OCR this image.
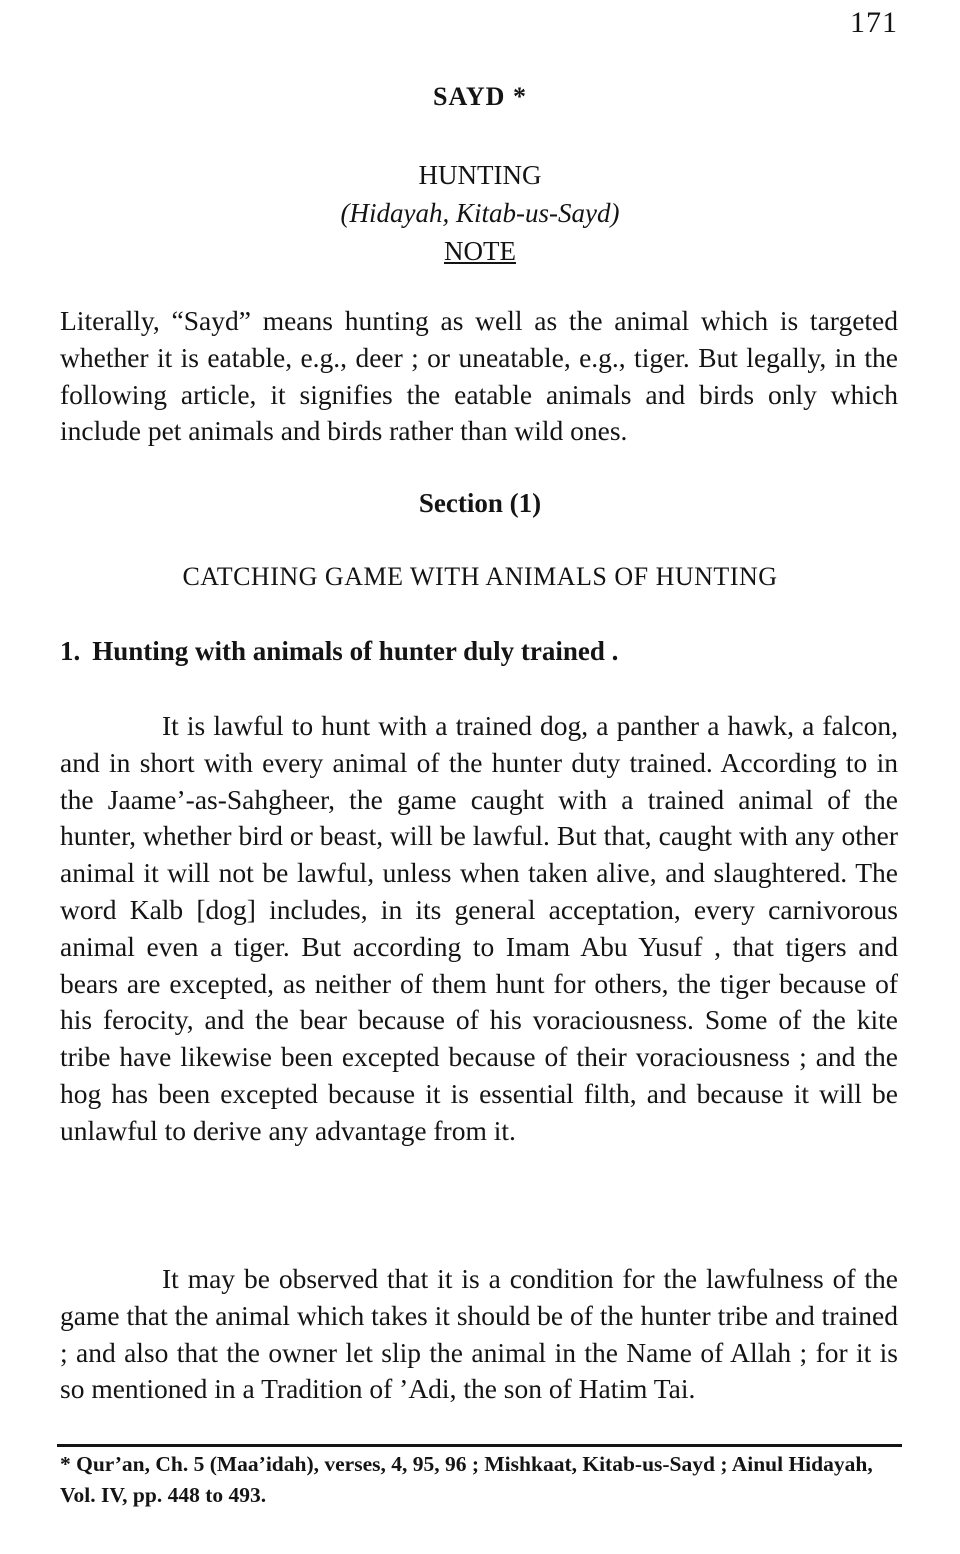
171
SAYD *
HUNTING
(Hidayah, Kitab-us-Sayd)
NOTE

Literally, “Sayd” means hunting as well as the animal which is targeted whether it is eatable, e.g., deer ; or uneatable, e.g., tiger. But legally, in the following article, it signifies the eatable animals and birds only which include pet animals and birds rather than wild ones.

Section (1)
CATCHING GAME WITH ANIMALS OF HUNTING
1. Hunting with animals of hunter duly trained .

It is lawful to hunt with a trained dog, a panther a hawk, a falcon, and in short with every animal of the hunter duty trained. According to in the Jaame’-as-Sahgheer, the game caught with a trained animal of the hunter, whether bird or beast, will be lawful. But that, caught with any other animal it will not be lawful, unless when taken alive, and slaughtered. The word Kalb [dog] includes, in its general acceptation, every carnivorous animal even a tiger. But according to Imam Abu Yusuf , that tigers and bears are excepted, as neither of them hunt for others, the tiger because of his ferocity, and the bear because of his voraciousness. Some of the kite tribe have likewise been excepted because of their voraciousness ; and the hog has been excepted because it is essential filth, and because it will be unlawful to derive any advantage from it.

It may be observed that it is a condition for the lawfulness of the game that the animal which takes it should be of the hunter tribe and trained ; and also that the owner let slip the animal in the Name of Allah ; for it is so mentioned in a Tradition of ’Adi, the son of Hatim Tai.

* Qur’an, Ch. 5 (Maa’idah), verses, 4, 95, 96 ; Mishkaat, Kitab-us-Sayd ; Ainul Hidayah, Vol. IV, pp. 448 to 493.
